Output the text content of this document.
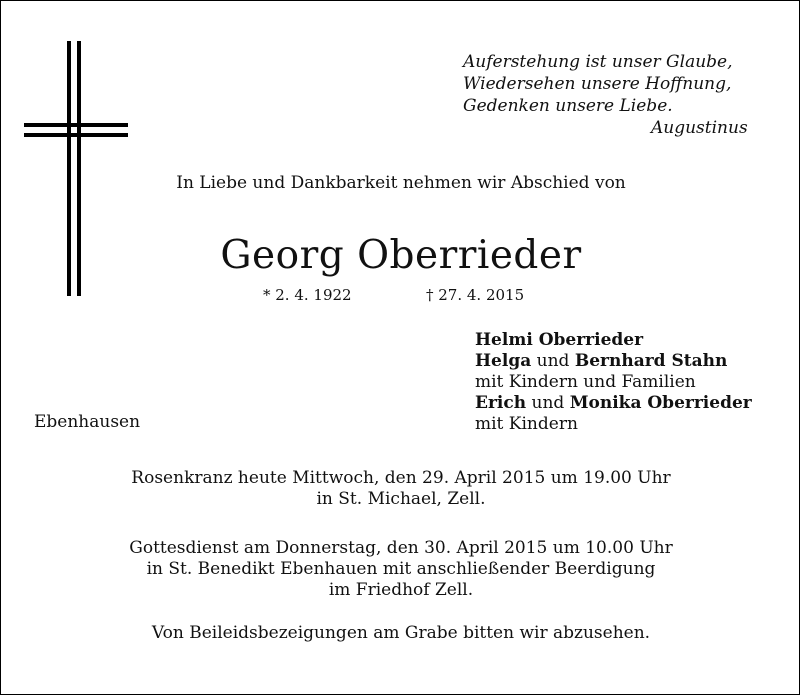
Auferstehung ist unser Glaube,
Wiedersehen unsere Hoffnung,
Gedenken unsere Liebe.
Augustinus
In Liebe und Dankbarkeit nehmen wir Abschied von
Georg Oberrieder
* 2. 4. 1922	† 27. 4. 2015
Helmi Oberrieder
Helga und Bernhard Stahn
mit Kindern und Familien
Erich und Monika Oberrieder
mit Kindern
Ebenhausen
Rosenkranz heute Mittwoch, den 29. April 2015 um 19.00 Uhr
in St. Michael, Zell.
Gottesdienst am Donnerstag, den 30. April 2015 um 10.00 Uhr
in St. Benedikt Ebenhauen mit anschließender Beerdigung
im Friedhof Zell.
Von Beileidsbezeigungen am Grabe bitten wir abzusehen.
